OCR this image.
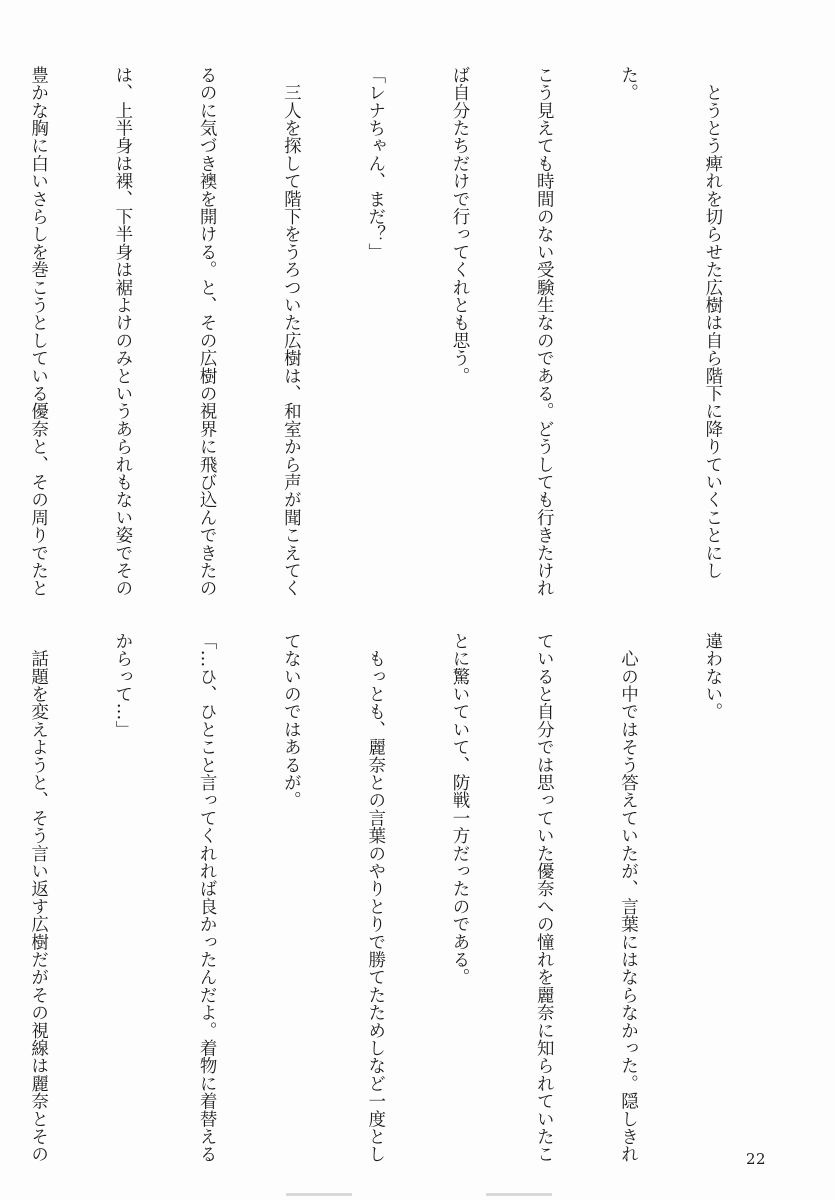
　とうとう痺れを切らせた広樹は自ら階下に降りていくことにし

た。

こう見えても時間のない受験生なのである。どうしても行きたけれ

ば自分たちだけで行ってくれとも思う。

「レナちゃん、まだ？」

　三人を探して階下をうろついた広樹は、和室から声が聞こえてく

るのに気づき襖を開ける。と、その広樹の視界に飛び込んできたの

は、上半身は裸、下半身は裾よけのみというあられもない姿でその

豊かな胸に白いさらしを巻こうとしている優奈と、その周りでたと

違わない。

　心の中ではそう答えていたが、言葉にはならなかった。隠しきれ

ていると自分では思っていた優奈への憧れを麗奈に知られていたこ

とに驚いていて、防戦一方だったのである。

　もっとも、麗奈との言葉のやりとりで勝てたためしなど一度とし

てないのではあるが。

「…ひ、ひとこと言ってくれれば良かったんだよ。着物に着替える

からって…」

　話題を変えようと、そう言い返す広樹だがその視線は麗奈とその

	22
